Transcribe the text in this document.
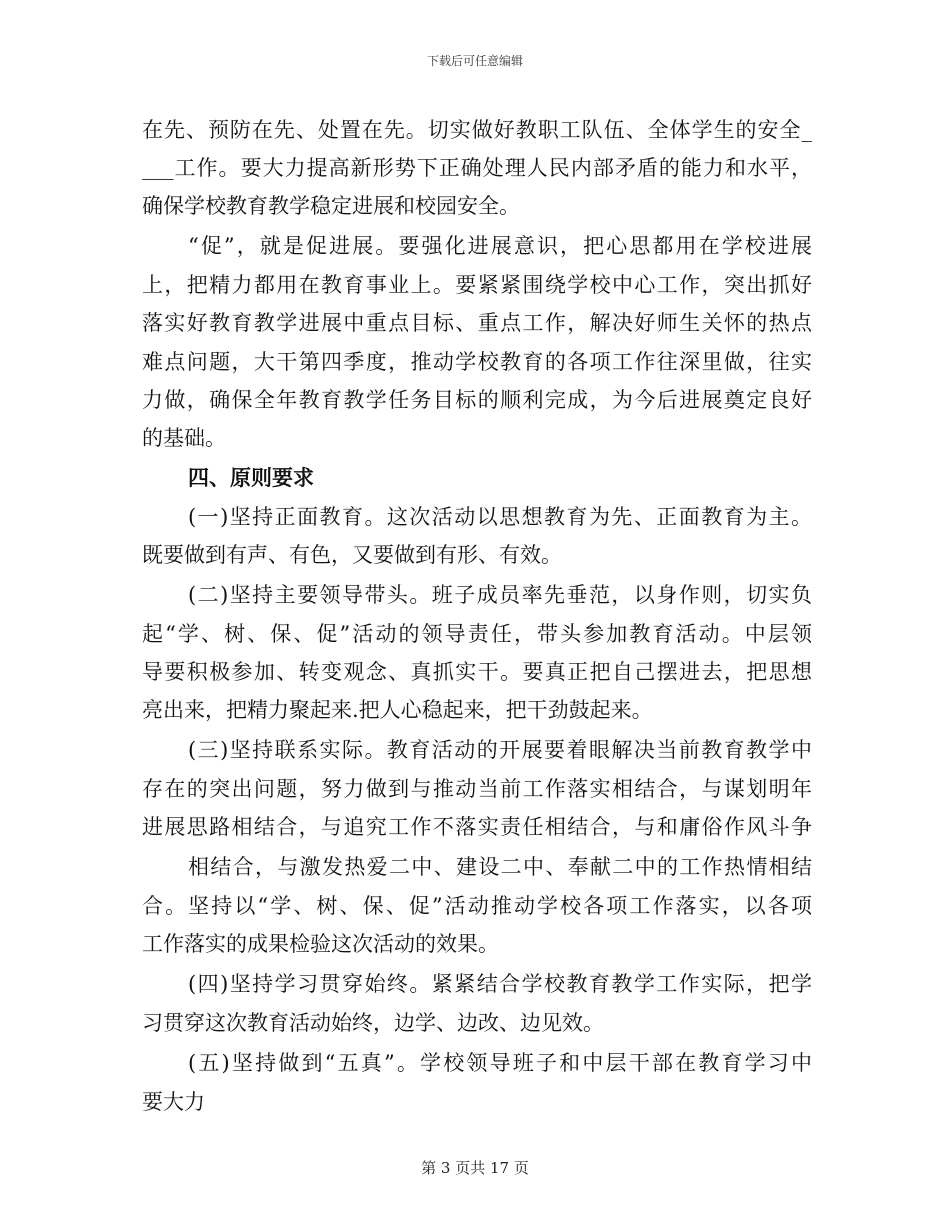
下载后可任意编辑
在先、预防在先、处置在先。切实做好教职工队伍、全体学生的安全_
___工作。要大力提高新形势下正确处理人民内部矛盾的能力和水平，
确保学校教育教学稳定进展和校园安全。
“促”，就是促进展。要强化进展意识，把心思都用在学校进展
上，把精力都用在教育事业上。要紧紧围绕学校中心工作，突出抓好
落实好教育教学进展中重点目标、重点工作，解决好师生关怀的热点
难点问题，大干第四季度，推动学校教育的各项工作往深里做，往实
力做，确保全年教育教学任务目标的顺利完成，为今后进展奠定良好
的基础。
四、原则要求
(一)坚持正面教育。这次活动以思想教育为先、正面教育为主。
既要做到有声、有色，又要做到有形、有效。
(二)坚持主要领导带头。班子成员率先垂范，以身作则，切实负
起“学、树、保、促”活动的领导责任，带头参加教育活动。中层领
导要积极参加、转变观念、真抓实干。要真正把自己摆进去，把思想
亮出来，把精力聚起来.把人心稳起来，把干劲鼓起来。
(三)坚持联系实际。教育活动的开展要着眼解决当前教育教学中
存在的突出问题，努力做到与推动当前工作落实相结合，与谋划明年
进展思路相结合，与追究工作不落实责任相结合，与和庸俗作风斗争
相结合，与激发热爱二中、建设二中、奉献二中的工作热情相结
合。坚持以“学、树、保、促”活动推动学校各项工作落实，以各项
工作落实的成果检验这次活动的效果。
(四)坚持学习贯穿始终。紧紧结合学校教育教学工作实际，把学
习贯穿这次教育活动始终，边学、边改、边见效。
(五)坚持做到“五真”。学校领导班子和中层干部在教育学习中
要大力
第 3 页共 17 页
